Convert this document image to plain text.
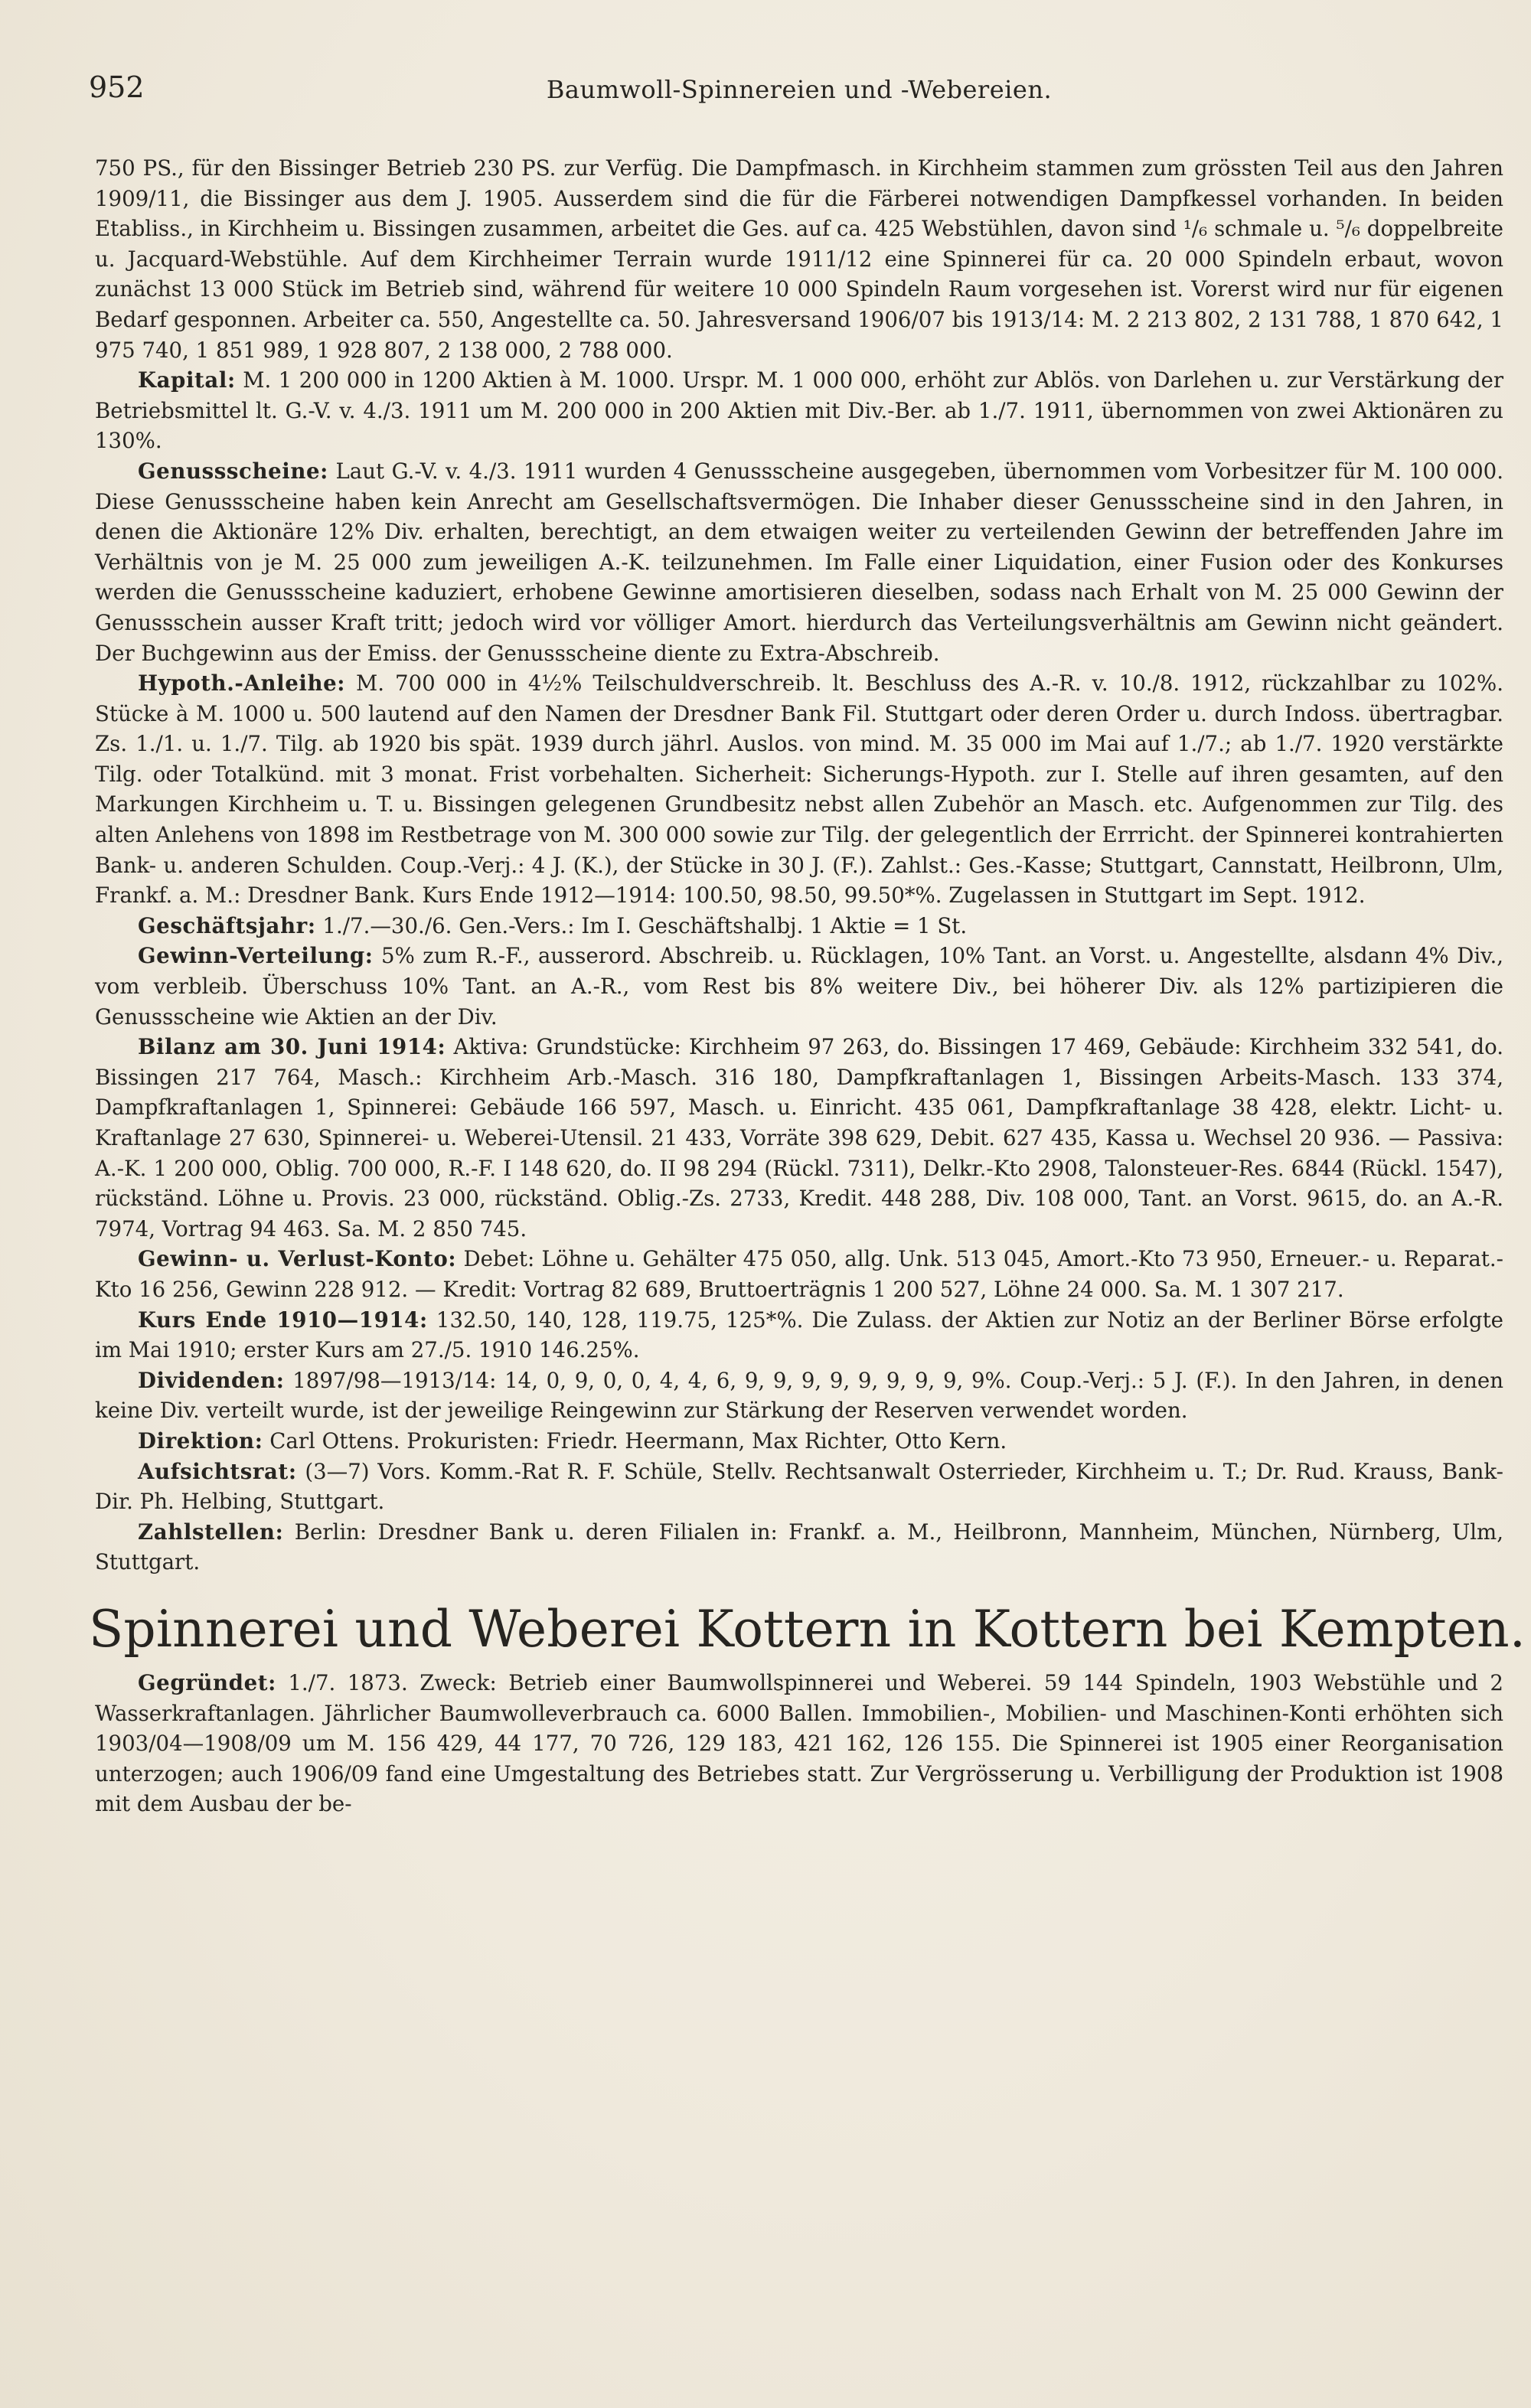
952	Baumwoll-Spinnereien und -Webereien.

750 PS., für den Bissinger Betrieb 230 PS. zur Verfüg. Die Dampfmasch. in Kirchheim stammen zum grössten Teil aus den Jahren 1909/11, die Bissinger aus dem J. 1905. Ausserdem sind die für die Färberei notwendigen Dampfkessel vorhanden. In beiden Etabliss., in Kirchheim u. Bissingen zusammen, arbeitet die Ges. auf ca. 425 Webstühlen, davon sind ¹/₆ schmale u. ⁵/₆ doppelbreite u. Jacquard-Webstühle. Auf dem Kirchheimer Terrain wurde 1911/12 eine Spinnerei für ca. 20 000 Spindeln erbaut, wovon zunächst 13 000 Stück im Betrieb sind, während für weitere 10 000 Spindeln Raum vorgesehen ist. Vorerst wird nur für eigenen Bedarf gesponnen. Arbeiter ca. 550, Angestellte ca. 50. Jahresversand 1906/07 bis 1913/14: M. 2 213 802, 2 131 788, 1 870 642, 1 975 740, 1 851 989, 1 928 807, 2 138 000, 2 788 000.

Kapital: M. 1 200 000 in 1200 Aktien à M. 1000. Urspr. M. 1 000 000, erhöht zur Ablös. von Darlehen u. zur Verstärkung der Betriebsmittel lt. G.-V. v. 4./3. 1911 um M. 200 000 in 200 Aktien mit Div.-Ber. ab 1./7. 1911, übernommen von zwei Aktionären zu 130%.

Genussscheine: Laut G.-V. v. 4./3. 1911 wurden 4 Genussscheine ausgegeben, übernommen vom Vorbesitzer für M. 100 000. Diese Genussscheine haben kein Anrecht am Gesellschaftsvermögen. Die Inhaber dieser Genussscheine sind in den Jahren, in denen die Aktionäre 12% Div. erhalten, berechtigt, an dem etwaigen weiter zu verteilenden Gewinn der betreffenden Jahre im Verhältnis von je M. 25 000 zum jeweiligen A.-K. teilzunehmen. Im Falle einer Liquidation, einer Fusion oder des Konkurses werden die Genussscheine kaduziert, erhobene Gewinne amortisieren dieselben, sodass nach Erhalt von M. 25 000 Gewinn der Genussschein ausser Kraft tritt; jedoch wird vor völliger Amort. hierdurch das Verteilungsverhältnis am Gewinn nicht geändert. Der Buchgewinn aus der Emiss. der Genussscheine diente zu Extra-Abschreib.

Hypoth.-Anleihe: M. 700 000 in 4½% Teilschuldverschreib. lt. Beschluss des A.-R. v. 10./8. 1912, rückzahlbar zu 102%. Stücke à M. 1000 u. 500 lautend auf den Namen der Dresdner Bank Fil. Stuttgart oder deren Order u. durch Indoss. übertragbar. Zs. 1./1. u. 1./7. Tilg. ab 1920 bis spät. 1939 durch jährl. Auslos. von mind. M. 35 000 im Mai auf 1./7.; ab 1./7. 1920 verstärkte Tilg. oder Totalkünd. mit 3 monat. Frist vorbehalten. Sicherheit: Sicherungs-Hypoth. zur I. Stelle auf ihren gesamten, auf den Markungen Kirchheim u. T. u. Bissingen gelegenen Grundbesitz nebst allen Zubehör an Masch. etc. Aufgenommen zur Tilg. des alten Anlehens von 1898 im Restbetrage von M. 300 000 sowie zur Tilg. der gelegentlich der Errricht. der Spinnerei kontrahierten Bank- u. anderen Schulden. Coup.-Verj.: 4 J. (K.), der Stücke in 30 J. (F.). Zahlst.: Ges.-Kasse; Stuttgart, Cannstatt, Heilbronn, Ulm, Frankf. a. M.: Dresdner Bank. Kurs Ende 1912—1914: 100.50, 98.50, 99.50*%. Zugelassen in Stuttgart im Sept. 1912.

Geschäftsjahr: 1./7.—30./6. Gen.-Vers.: Im I. Geschäftshalbj. 1 Aktie = 1 St.

Gewinn-Verteilung: 5% zum R.-F., ausserord. Abschreib. u. Rücklagen, 10% Tant. an Vorst. u. Angestellte, alsdann 4% Div., vom verbleib. Überschuss 10% Tant. an A.-R., vom Rest bis 8% weitere Div., bei höherer Div. als 12% partizipieren die Genussscheine wie Aktien an der Div.

Bilanz am 30. Juni 1914: Aktiva: Grundstücke: Kirchheim 97 263, do. Bissingen 17 469, Gebäude: Kirchheim 332 541, do. Bissingen 217 764, Masch.: Kirchheim Arb.-Masch. 316 180, Dampfkraftanlagen 1, Bissingen Arbeits-Masch. 133 374, Dampfkraftanlagen 1, Spinnerei: Gebäude 166 597, Masch. u. Einricht. 435 061, Dampfkraftanlage 38 428, elektr. Licht- u. Kraftanlage 27 630, Spinnerei- u. Weberei-Utensil. 21 433, Vorräte 398 629, Debit. 627 435, Kassa u. Wechsel 20 936. — Passiva: A.-K. 1 200 000, Oblig. 700 000, R.-F. I 148 620, do. II 98 294 (Rückl. 7311), Delkr.-Kto 2908, Talonsteuer-Res. 6844 (Rückl. 1547), rückständ. Löhne u. Provis. 23 000, rückständ. Oblig.-Zs. 2733, Kredit. 448 288, Div. 108 000, Tant. an Vorst. 9615, do. an A.-R. 7974, Vortrag 94 463. Sa. M. 2 850 745.

Gewinn- u. Verlust-Konto: Debet: Löhne u. Gehälter 475 050, allg. Unk. 513 045, Amort.-Kto 73 950, Erneuer.- u. Reparat.-Kto 16 256, Gewinn 228 912. — Kredit: Vortrag 82 689, Bruttoerträgnis 1 200 527, Löhne 24 000. Sa. M. 1 307 217.

Kurs Ende 1910—1914: 132.50, 140, 128, 119.75, 125*%. Die Zulass. der Aktien zur Notiz an der Berliner Börse erfolgte im Mai 1910; erster Kurs am 27./5. 1910 146.25%.

Dividenden: 1897/98—1913/14: 14, 0, 9, 0, 0, 4, 4, 6, 9, 9, 9, 9, 9, 9, 9, 9, 9%. Coup.-Verj.: 5 J. (F.). In den Jahren, in denen keine Div. verteilt wurde, ist der jeweilige Reingewinn zur Stärkung der Reserven verwendet worden.

Direktion: Carl Ottens. Prokuristen: Friedr. Heermann, Max Richter, Otto Kern.

Aufsichtsrat: (3—7) Vors. Komm.-Rat R. F. Schüle, Stellv. Rechtsanwalt Osterrieder, Kirchheim u. T.; Dr. Rud. Krauss, Bank-Dir. Ph. Helbing, Stuttgart.

Zahlstellen: Berlin: Dresdner Bank u. deren Filialen in: Frankf. a. M., Heilbronn, Mannheim, München, Nürnberg, Ulm, Stuttgart.

Spinnerei und Weberei Kottern in Kottern bei Kempten.

Gegründet: 1./7. 1873. Zweck: Betrieb einer Baumwollspinnerei und Weberei. 59 144 Spindeln, 1903 Webstühle und 2 Wasserkraftanlagen. Jährlicher Baumwolleverbrauch ca. 6000 Ballen. Immobilien-, Mobilien- und Maschinen-Konti erhöhten sich 1903/04—1908/09 um M. 156 429, 44 177, 70 726, 129 183, 421 162, 126 155. Die Spinnerei ist 1905 einer Reorganisation unterzogen; auch 1906/09 fand eine Umgestaltung des Betriebes statt. Zur Vergrösserung u. Verbilligung der Produktion ist 1908 mit dem Ausbau der be-
